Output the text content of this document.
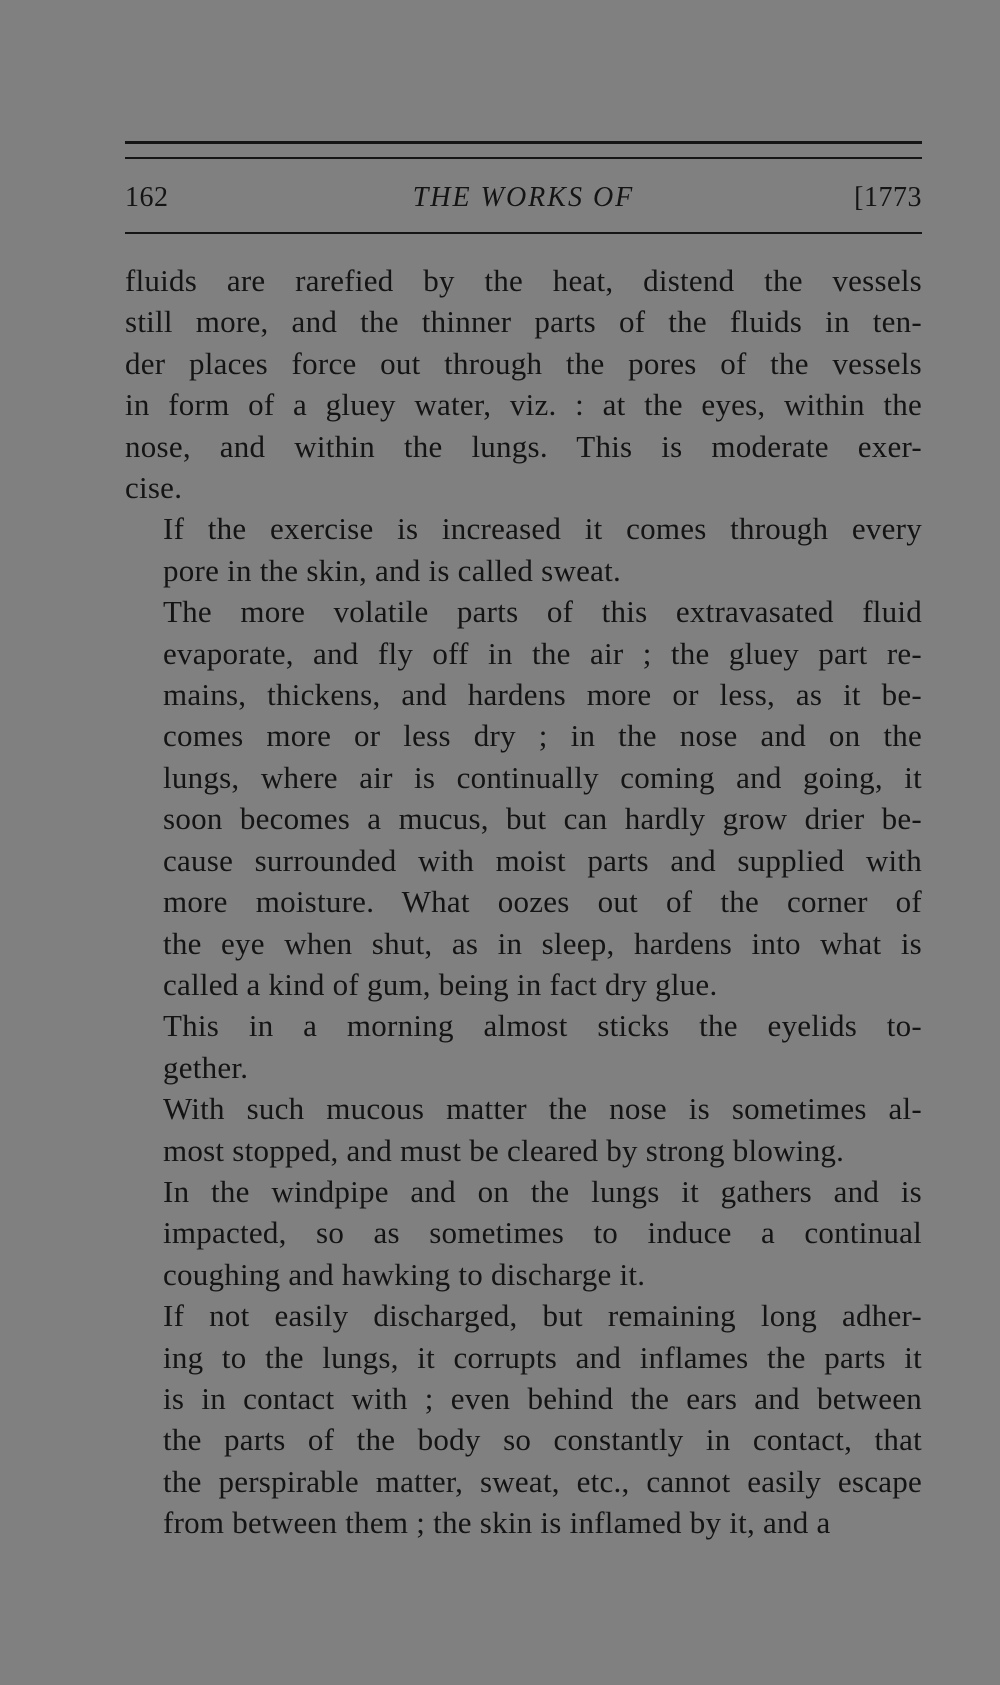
162	THE WORKS OF	[1773

fluids are rarefied by the heat, distend the vessels
still more, and the thinner parts of the fluids in ten-
der places force out through the pores of the vessels
in form of a gluey water, viz. : at the eyes, within the
nose, and within the lungs. This is moderate exer-
cise.

If the exercise is increased it comes through every
pore in the skin, and is called sweat.

The more volatile parts of this extravasated fluid
evaporate, and fly off in the air ; the gluey part re-
mains, thickens, and hardens more or less, as it be-
comes more or less dry ; in the nose and on the
lungs, where air is continually coming and going, it
soon becomes a mucus, but can hardly grow drier be-
cause surrounded with moist parts and supplied with
more moisture. What oozes out of the corner of
the eye when shut, as in sleep, hardens into what is
called a kind of gum, being in fact dry glue.

This in a morning almost sticks the eyelids to-
gether.

With such mucous matter the nose is sometimes al-
most stopped, and must be cleared by strong blowing.

In the windpipe and on the lungs it gathers and is
impacted, so as sometimes to induce a continual
coughing and hawking to discharge it.

If not easily discharged, but remaining long adher-
ing to the lungs, it corrupts and inflames the parts it
is in contact with ; even behind the ears and between
the parts of the body so constantly in contact, that
the perspirable matter, sweat, etc., cannot easily escape
from between them ; the skin is inflamed by it, and a
